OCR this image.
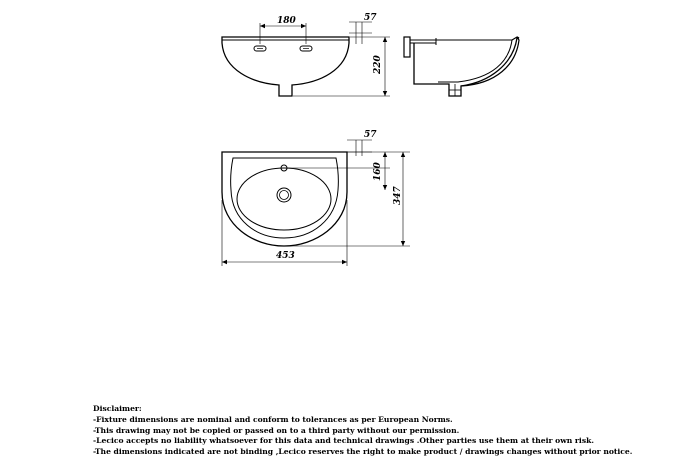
180	57
220
57
160
347
453
Disclaimer:
-Fixture dimensions are nominal and conform to tolerances as per European Norms.
-This drawing may not be copied or passed on to a third party without our permission.
-Lecico accepts no liability whatsoever for this data and technical drawings .Other parties use them at their own risk.
-The dimensions indicated are not binding ,Lecico reserves the right to make product / drawings changes without prior notice.
